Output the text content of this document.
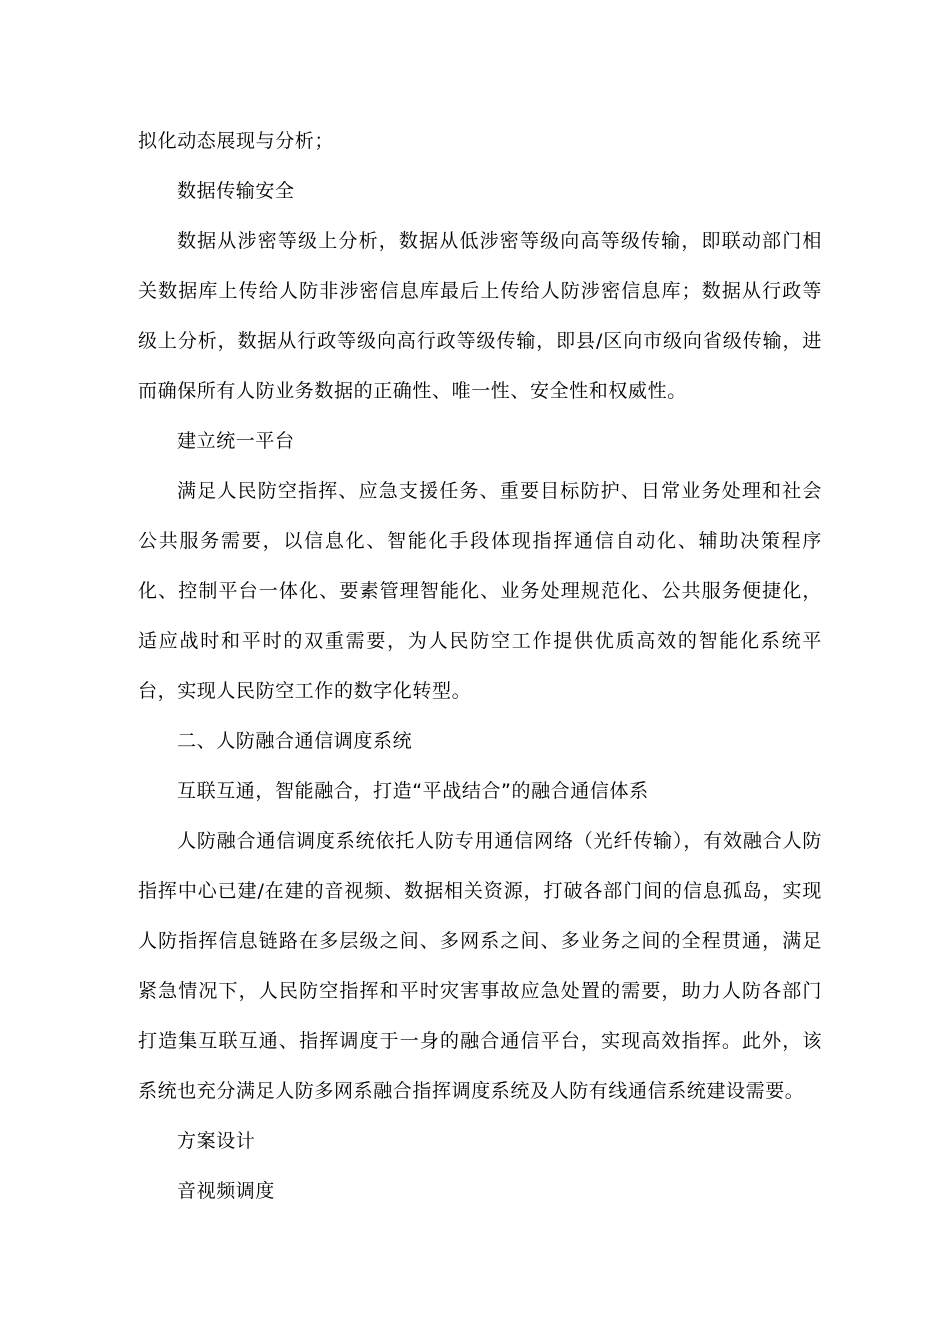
拟化动态展现与分析；

数据传输安全

数据从涉密等级上分析，数据从低涉密等级向高等级传输，即联动部门相关数据库上传给人防非涉密信息库最后上传给人防涉密信息库；数据从行政等级上分析，数据从行政等级向高行政等级传输，即县/区向市级向省级传输，进而确保所有人防业务数据的正确性、唯一性、安全性和权威性。

建立统一平台

满足人民防空指挥、应急支援任务、重要目标防护、日常业务处理和社会公共服务需要，以信息化、智能化手段体现指挥通信自动化、辅助决策程序化、控制平台一体化、要素管理智能化、业务处理规范化、公共服务便捷化，适应战时和平时的双重需要，为人民防空工作提供优质高效的智能化系统平台，实现人民防空工作的数字化转型。

二、人防融合通信调度系统

互联互通，智能融合，打造“平战结合”的融合通信体系

人防融合通信调度系统依托人防专用通信网络（光纤传输），有效融合人防指挥中心已建/在建的音视频、数据相关资源，打破各部门间的信息孤岛，实现人防指挥信息链路在多层级之间、多网系之间、多业务之间的全程贯通，满足紧急情况下，人民防空指挥和平时灾害事故应急处置的需要，助力人防各部门打造集互联互通、指挥调度于一身的融合通信平台，实现高效指挥。此外，该系统也充分满足人防多网系融合指挥调度系统及人防有线通信系统建设需要。

方案设计

音视频调度
